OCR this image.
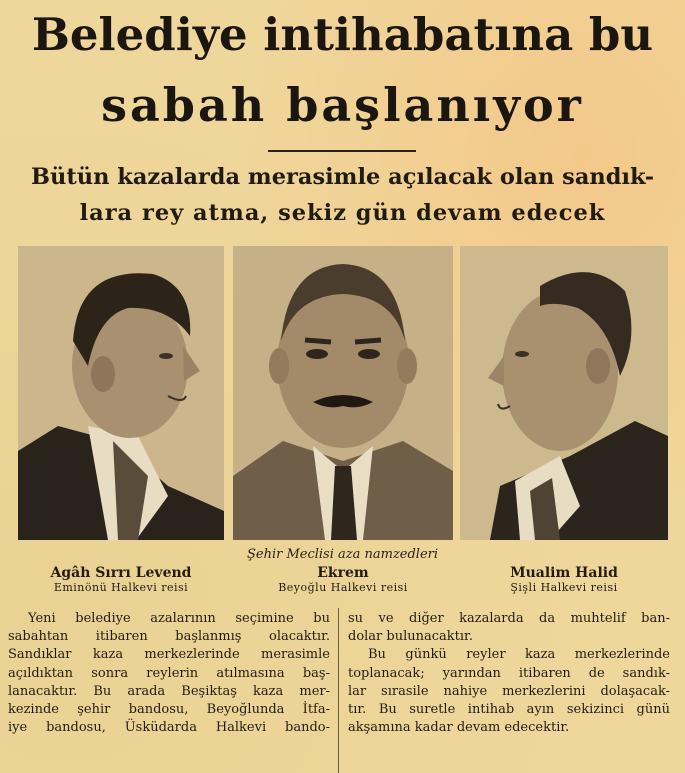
Belediye intihabatına bu
sabah başlanıyor
Bütün kazalarda merasimle açılacak olan sandık-
lara rey atma, sekiz gün devam edecek
Şehir Meclisi aza namzedleri
Agâh Sırrı Levend
Eminönü Halkevi reisi
Ekrem
Beyoğlu Halkevi reisi
Mualim Halid
Şişli Halkevi reisi
Yeni belediye azalarının seçimine bu
sabahtan itibaren başlanmış olacaktır.
Sandıklar kaza merkezlerinde merasimle
açıldıktan sonra reylerin atılmasına baş-
lanacaktır. Bu arada Beşiktaş kaza mer-
kezinde şehir bandosu, Beyoğlunda İtfa-
iye bandosu, Üsküdarda Halkevi bando-
su ve diğer kazalarda da muhtelif ban-
dolar bulunacaktır.
Bu günkü reyler kaza merkezlerinde
toplanacak; yarından itibaren de sandık-
lar sırasile nahiye merkezlerini dolaşacak-
tır. Bu suretle intihab ayın sekizinci günü
akşamına kadar devam edecektir.
